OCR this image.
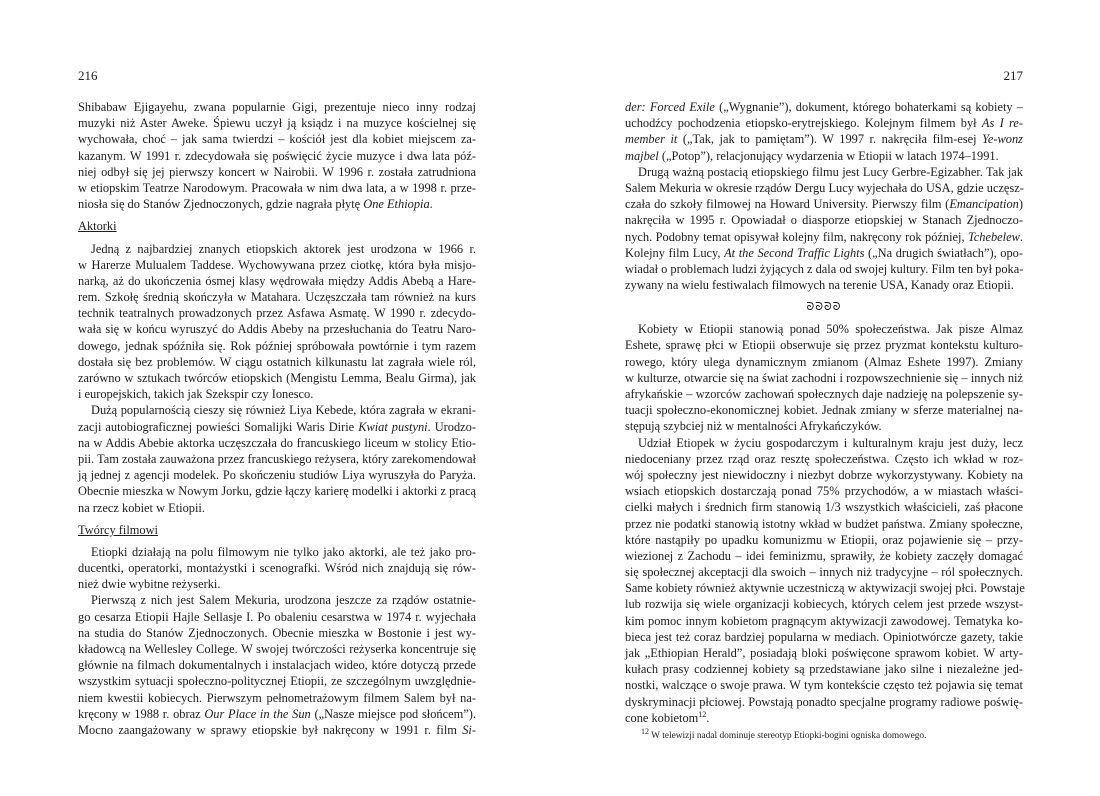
216
Shibabaw Ejigayehu, zwana popularnie Gigi, prezentuje nieco inny rodzaj
muzyki niż Aster Aweke. Śpiewu uczył ją ksiądz i na muzyce kościelnej się
wychowała, choć – jak sama twierdzi – kościół jest dla kobiet miejscem za-
kazanym. W 1991 r. zdecydowała się poświęcić życie muzyce i dwa lata póź-
niej odbył się jej pierwszy koncert w Nairobii. W 1996 r. została zatrudniona
w etiopskim Teatrze Narodowym. Pracowała w nim dwa lata, a w 1998 r. prze-
niosła się do Stanów Zjednoczonych, gdzie nagrała płytę One Ethiopia.
Aktorki
Jedną z najbardziej znanych etiopskich aktorek jest urodzona w 1966 r.
w Harerze Mulualem Taddese. Wychowywana przez ciotkę, która była misjo-
narką, aż do ukończenia ósmej klasy wędrowała między Addis Abebą a Hare-
rem. Szkołę średnią skończyła w Matahara. Uczęszczała tam również na kurs
technik teatralnych prowadzonych przez Asfawa Asmatę. W 1990 r. zdecydo-
wała się w końcu wyruszyć do Addis Abeby na przesłuchania do Teatru Naro-
dowego, jednak spóźniła się. Rok później spróbowała powtórnie i tym razem
dostała się bez problemów. W ciągu ostatnich kilkunastu lat zagrała wiele ról,
zarówno w sztukach twórców etiopskich (Mengistu Lemma, Bealu Girma), jak
i europejskich, takich jak Szekspir czy Ionesco.
Dużą popularnością cieszy się również Liya Kebede, która zagrała w ekrani-
zacji autobiograficznej powieści Somalijki Waris Dirie Kwiat pustyni. Urodzo-
na w Addis Abebie aktorka uczęszczała do francuskiego liceum w stolicy Etio-
pii. Tam została zauważona przez francuskiego reżysera, który zarekomendował
ją jednej z agencji modelek. Po skończeniu studiów Liya wyruszyła do Paryża.
Obecnie mieszka w Nowym Jorku, gdzie łączy karierę modelki i aktorki z pracą
na rzecz kobiet w Etiopii.
Twórcy filmowi
Etiopki działają na polu filmowym nie tylko jako aktorki, ale też jako pro-
ducentki, operatorki, montażystki i scenografki. Wśród nich znajdują się rów-
nież dwie wybitne reżyserki.
Pierwszą z nich jest Salem Mekuria, urodzona jeszcze za rządów ostatnie-
go cesarza Etiopii Hajle Sellasje I. Po obaleniu cesarstwa w 1974 r. wyjechała
na studia do Stanów Zjednoczonych. Obecnie mieszka w Bostonie i jest wy-
kładowcą na Wellesley College. W swojej twórczości reżyserka koncentruje się
głównie na filmach dokumentalnych i instalacjach wideo, które dotyczą przede
wszystkim sytuacji społeczno-politycznej Etiopii, ze szczególnym uwzględnie-
niem kwestii kobiecych. Pierwszym pełnometrażowym filmem Salem był na-
kręcony w 1988 r. obraz Our Place in the Sun („Nasze miejsce pod słońcem”).
Mocno zaangażowany w sprawy etiopskie był nakręcony w 1991 r. film Si-
217
der: Forced Exile („Wygnanie”), dokument, którego bohaterkami są kobiety –
uchodźcy pochodzenia etiopsko-erytrejskiego. Kolejnym filmem był As I re-
member it („Tak, jak to pamiętam”). W 1997 r. nakręciła film-esej Ye-wonz
majbel („Potop”), relacjonujący wydarzenia w Etiopii w latach 1974–1991.
Drugą ważną postacią etiopskiego filmu jest Lucy Gerbre-Egizabher. Tak jak
Salem Mekuria w okresie rządów Dergu Lucy wyjechała do USA, gdzie uczęsz-
czała do szkoły filmowej na Howard University. Pierwszy film (Emancipation)
nakręciła w 1995 r. Opowiadał o diasporze etiopskiej w Stanach Zjednoczo-
nych. Podobny temat opisywał kolejny film, nakręcony rok później, Tchebelew.
Kolejny film Lucy, At the Second Traffic Lights („Na drugich światłach”), opo-
wiadał o problemach ludzi żyjących z dala od swojej kultury. Film ten był poka-
zywany na wielu festiwalach filmowych na terenie USA, Kanady oraz Etiopii.
ᘐᘐᘐᘐ
Kobiety w Etiopii stanowią ponad 50% społeczeństwa. Jak pisze Almaz
Eshete, sprawę płci w Etiopii obserwuje się przez pryzmat kontekstu kulturo-
rowego, który ulega dynamicznym zmianom (Almaz Eshete 1997). Zmiany
w kulturze, otwarcie się na świat zachodni i rozpowszechnienie się – innych niż
afrykańskie – wzorców zachowań społecznych daje nadzieję na polepszenie sy-
tuacji społeczno-ekonomicznej kobiet. Jednak zmiany w sferze materialnej na-
stępują szybciej niż w mentalności Afrykańczyków.
Udział Etiopek w życiu gospodarczym i kulturalnym kraju jest duży, lecz
niedoceniany przez rząd oraz resztę społeczeństwa. Często ich wkład w roz-
wój społeczny jest niewidoczny i niezbyt dobrze wykorzystywany. Kobiety na
wsiach etiopskich dostarczają ponad 75% przychodów, a w miastach właści-
cielki małych i średnich firm stanowią 1/3 wszystkich właścicieli, zaś płacone
przez nie podatki stanowią istotny wkład w budżet państwa. Zmiany społeczne,
które nastąpiły po upadku komunizmu w Etiopii, oraz pojawienie się – przy-
wiezionej z Zachodu – idei feminizmu, sprawiły, że kobiety zaczęły domagać
się społecznej akceptacji dla swoich – innych niż tradycyjne – ról społecznych.
Same kobiety również aktywnie uczestniczą w aktywizacji swojej płci. Powstaje
lub rozwija się wiele organizacji kobiecych, których celem jest przede wszyst-
kim pomoc innym kobietom pragnącym aktywizacji zawodowej. Tematyka ko-
bieca jest też coraz bardziej popularna w mediach. Opiniotwórcze gazety, takie
jak „Ethiopian Herald”, posiadają bloki poświęcone sprawom kobiet. W arty-
kułach prasy codziennej kobiety są przedstawiane jako silne i niezależne jed-
nostki, walczące o swoje prawa. W tym kontekście często też pojawia się temat
dyskryminacji płciowej. Powstają ponadto specjalne programy radiowe poświę-
cone kobietom$^{12}$.
$^{12}$ W telewizji nadal dominuje stereotyp Etiopki-bogini ogniska domowego.
